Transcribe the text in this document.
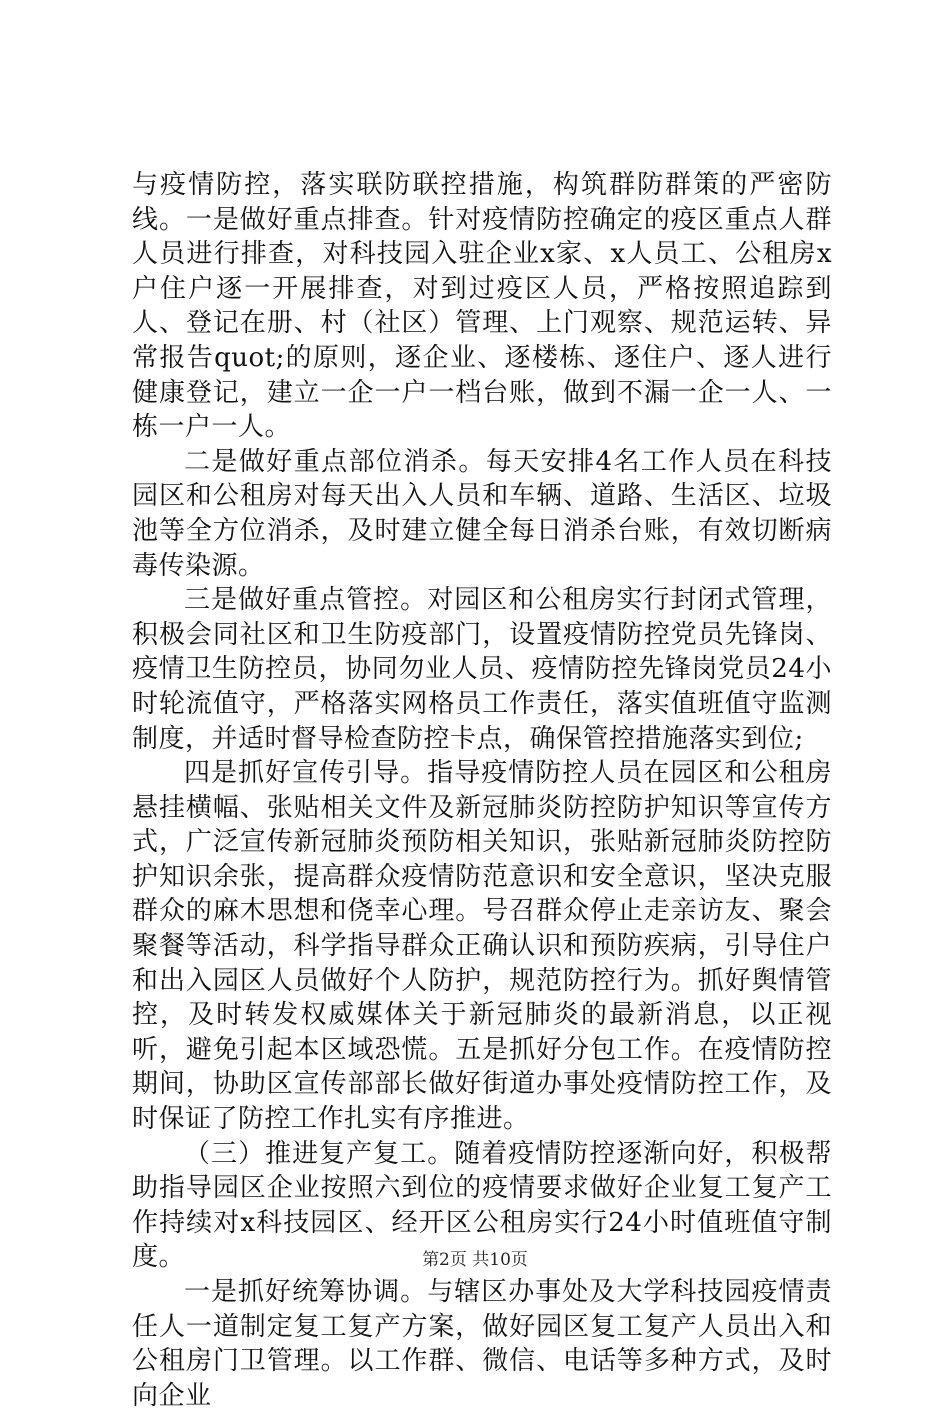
与疫情防控，落实联防联控措施，构筑群防群策的严密防线。一是做好重点排查。针对疫情防控确定的疫区重点人群人员进行排查，对科技园入驻企业x家、x人员工、公租房x户住户逐一开展排查，对到过疫区人员，严格按照追踪到人、登记在册、村（社区）管理、上门观察、规范运转、异常报告quot;的原则，逐企业、逐楼栋、逐住户、逐人进行健康登记，建立一企一户一档台账，做到不漏一企一人、一栋一户一人。

二是做好重点部位消杀。每天安排4名工作人员在科技园区和公租房对每天出入人员和车辆、道路、生活区、垃圾池等全方位消杀，及时建立健全每日消杀台账，有效切断病毒传染源。

三是做好重点管控。对园区和公租房实行封闭式管理，积极会同社区和卫生防疫部门，设置疫情防控党员先锋岗、疫情卫生防控员，协同勿业人员、疫情防控先锋岗党员24小时轮流值守，严格落实网格员工作责任，落实值班值守监测制度，并适时督导检查防控卡点，确保管控措施落实到位;

四是抓好宣传引导。指导疫情防控人员在园区和公租房悬挂横幅、张贴相关文件及新冠肺炎防控防护知识等宣传方式，广泛宣传新冠肺炎预防相关知识，张贴新冠肺炎防控防护知识余张，提高群众疫情防范意识和安全意识，坚决克服群众的麻木思想和侥幸心理。号召群众停止走亲访友、聚会聚餐等活动，科学指导群众正确认识和预防疾病，引导住户和出入园区人员做好个人防护，规范防控行为。抓好舆情管控，及时转发权威媒体关于新冠肺炎的最新消息，以正视听，避免引起本区域恐慌。五是抓好分包工作。在疫情防控期间，协助区宣传部部长做好街道办事处疫情防控工作，及时保证了防控工作扎实有序推进。

（三）推进复产复工。随着疫情防控逐渐向好，积极帮助指导园区企业按照六到位的疫情要求做好企业复工复产工作持续对x科技园区、经开区公租房实行24小时值班值守制度。

一是抓好统筹协调。与辖区办事处及大学科技园疫情责任人一道制定复工复产方案，做好园区复工复产人员出入和公租房门卫管理。以工作群、微信、电话等多种方式，及时向企业

第2页 共10页
